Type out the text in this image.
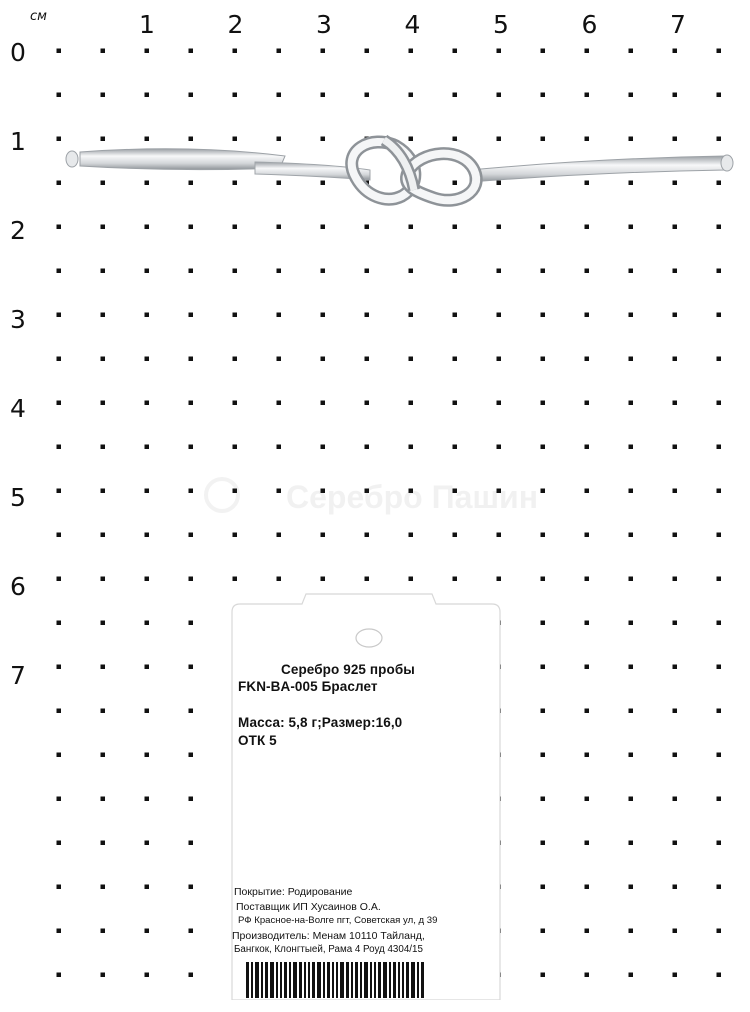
Серебро Пашин
см	1	2	3	4	5	6	7
0
1
2
3
4
5
6
7	Серебро 925 пробы
FKN-BA-005 Браслет
Масса: 5,8 г;Размер:16,0
ОТК 5
Покрытие: Родирование
Поставщик ИП Хусаинов О.А.
РФ Красное-на-Волге пгт, Советская ул, д 39
Производитель: Менам 10110 Тайланд,
Бангкок, Клонгтыей, Рама 4 Роуд 4304/15
